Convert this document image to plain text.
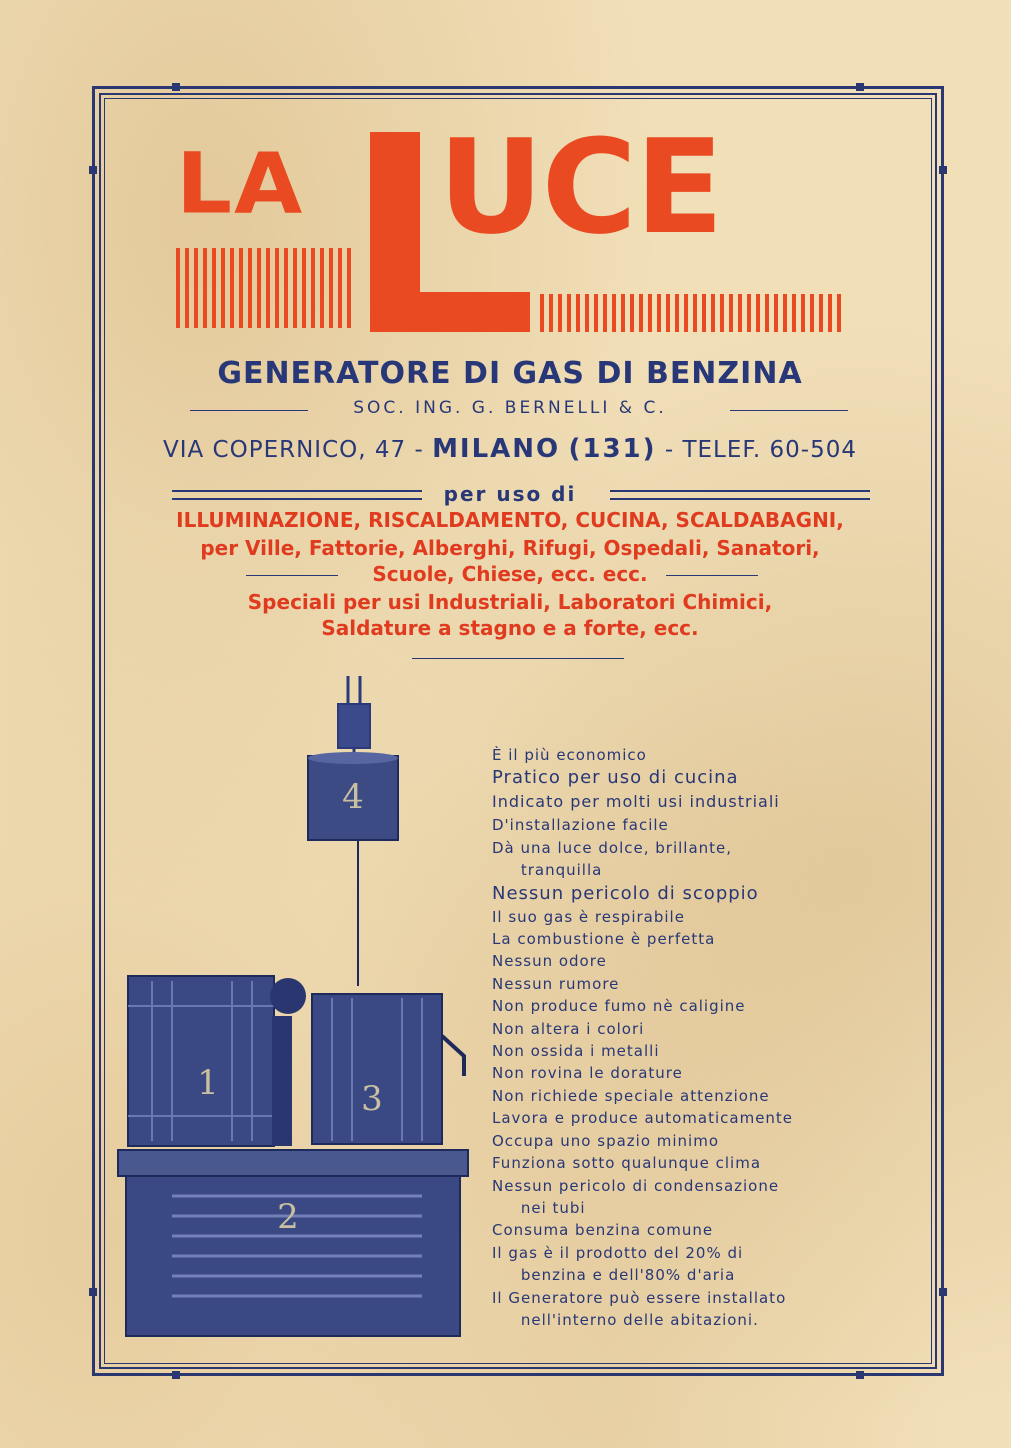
LA UCE
GENERATORE DI GAS DI BENZINA
SOC. ING. G. BERNELLI & C.
VIA COPERNICO, 47 - MILANO (131) - TELEF. 60-504
per uso di
ILLUMINAZIONE, RISCALDAMENTO, CUCINA, SCALDABAGNI,
per Ville, Fattorie, Alberghi, Rifugi, Ospedali, Sanatori,
Scuole, Chiese, ecc. ecc.
Speciali per usi Industriali, Laboratori Chimici,
Saldature a stagno e a forte, ecc.
4
1	3
2
È il più economico
Pratico per uso di cucina
Indicato per molti usi industriali
D'installazione facile
Dà una luce dolce, brillante,
tranquilla
Nessun pericolo di scoppio
Il suo gas è respirabile
La combustione è perfetta
Nessun odore
Nessun rumore
Non produce fumo nè caligine
Non altera i colori
Non ossida i metalli
Non rovina le dorature
Non richiede speciale attenzione
Lavora e produce automaticamente
Occupa uno spazio minimo
Funziona sotto qualunque clima
Nessun pericolo di condensazione
nei tubi
Consuma benzina comune
Il gas è il prodotto del 20% di
benzina e dell'80% d'aria
Il Generatore può essere installato
nell'interno delle abitazioni.
